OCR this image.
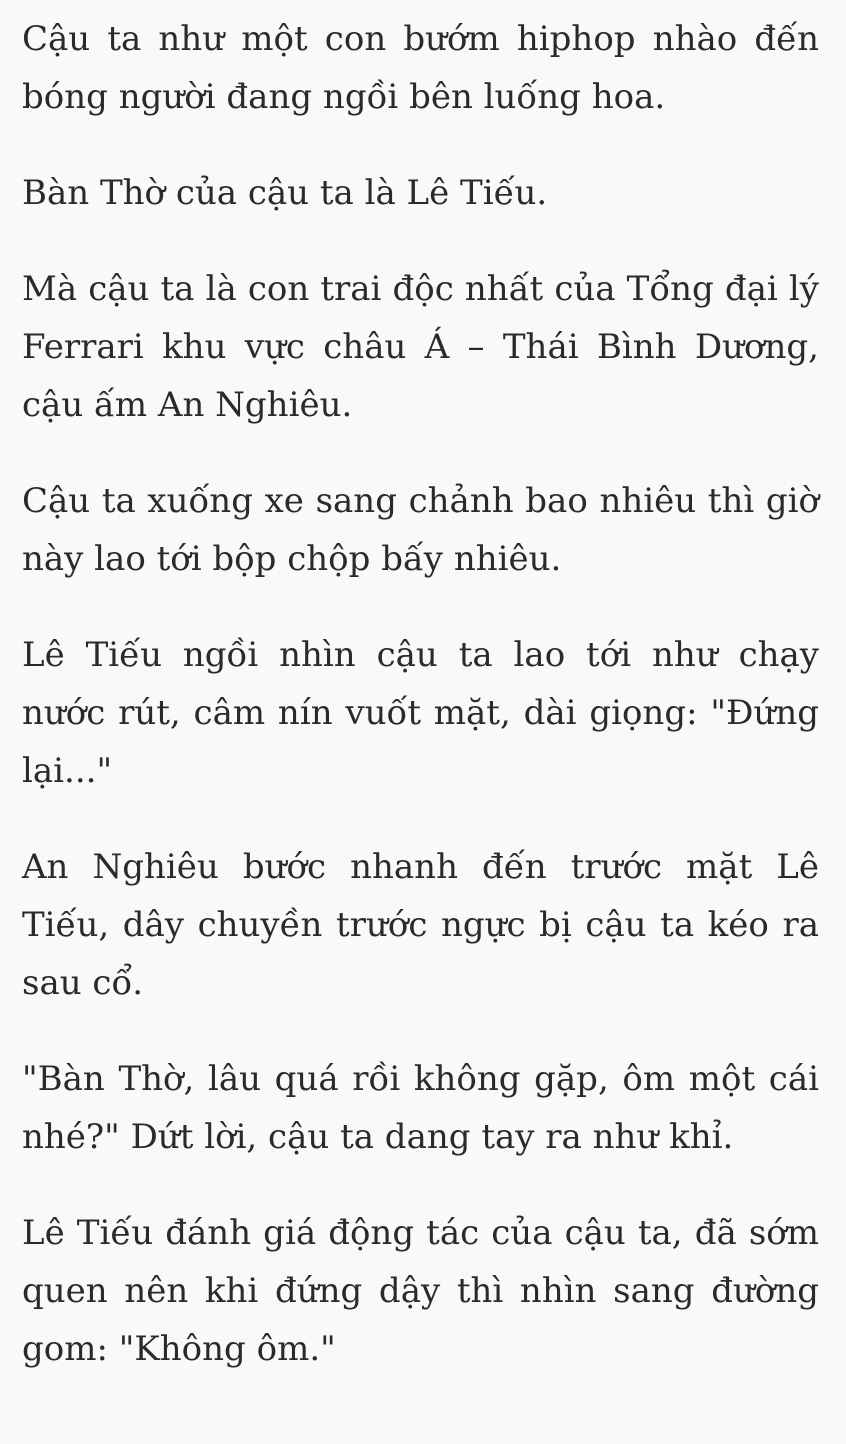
Cậu ta như một con bướm hiphop nhào đến bóng người đang ngồi bên luống hoa.

Bàn Thờ của cậu ta là Lê Tiếu.

Mà cậu ta là con trai độc nhất của Tổng đại lý Ferrari khu vực châu Á – Thái Bình Dương, cậu ấm An Nghiêu.

Cậu ta xuống xe sang chảnh bao nhiêu thì giờ này lao tới bộp chộp bấy nhiêu.

Lê Tiếu ngồi nhìn cậu ta lao tới như chạy nước rút, câm nín vuốt mặt, dài giọng: "Đứng lại..."

An Nghiêu bước nhanh đến trước mặt Lê Tiếu, dây chuyền trước ngực bị cậu ta kéo ra sau cổ.

"Bàn Thờ, lâu quá rồi không gặp, ôm một cái nhé?" Dứt lời, cậu ta dang tay ra như khỉ.

Lê Tiếu đánh giá động tác của cậu ta, đã sớm quen nên khi đứng dậy thì nhìn sang đường gom: "Không ôm."
